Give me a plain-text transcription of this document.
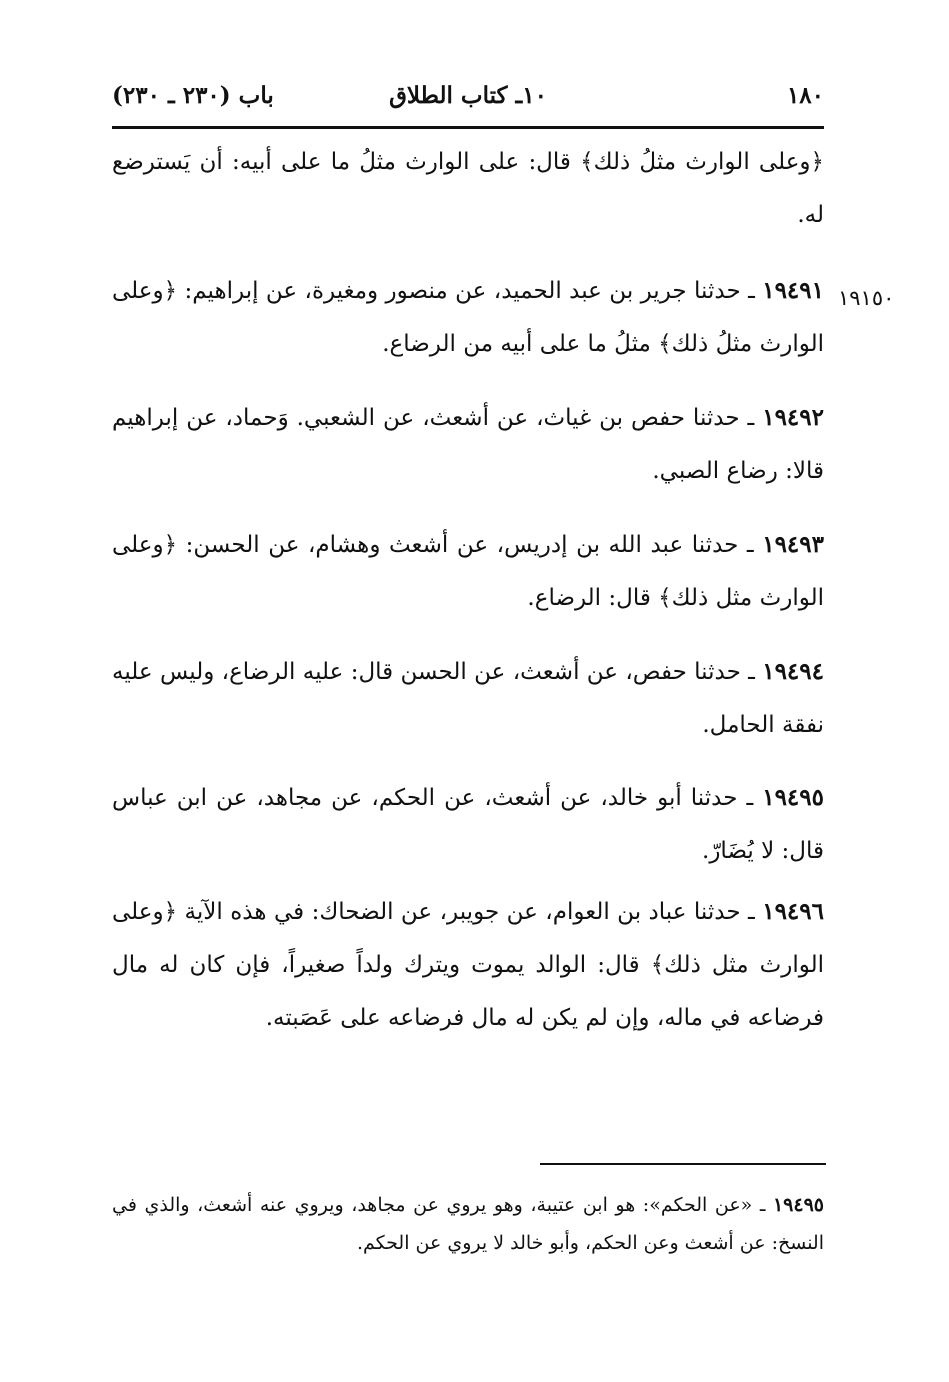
١٨٠
١٠ـ كتاب الطلاق
باب (٢٣٠ ـ ٢٣٠)
١٩١٥٠

﴿وعلى الوارث مثلُ ذلك﴾ قال: على الوارث مثلُ ما على أبيه: أن يَسترضع له.

١٩٤٩١ ـ حدثنا جرير بن عبد الحميد، عن منصور ومغيرة، عن إبراهيم: ﴿وعلى الوارث مثلُ ذلك﴾ مثلُ ما على أبيه من الرضاع.

١٩٤٩٢ ـ حدثنا حفص بن غياث، عن أشعث، عن الشعبي. وَحماد، عن إبراهيم قالا: رضاع الصبي.

١٩٤٩٣ ـ حدثنا عبد الله بن إدريس، عن أشعث وهشام، عن الحسن: ﴿وعلى الوارث مثل ذلك﴾ قال: الرضاع.

١٩٤٩٤ ـ حدثنا حفص، عن أشعث، عن الحسن قال: عليه الرضاع، وليس عليه نفقة الحامل.

١٩٤٩٥ ـ حدثنا أبو خالد، عن أشعث، عن الحكم، عن مجاهد، عن ابن عباس قال: لا يُضَارّ.

١٩٤٩٦ ـ حدثنا عباد بن العوام، عن جويبر، عن الضحاك: في هذه الآية ﴿وعلى الوارث مثل ذلك﴾ قال: الوالد يموت ويترك ولداً صغيراً، فإن كان له مال فرضاعه في ماله، وإن لم يكن له مال فرضاعه على عَصَبته.

١٩٤٩٥ ـ «عن الحكم»: هو ابن عتيبة، وهو يروي عن مجاهد، ويروي عنه أشعث، والذي في النسخ: عن أشعث وعن الحكم، وأبو خالد لا يروي عن الحكم.
